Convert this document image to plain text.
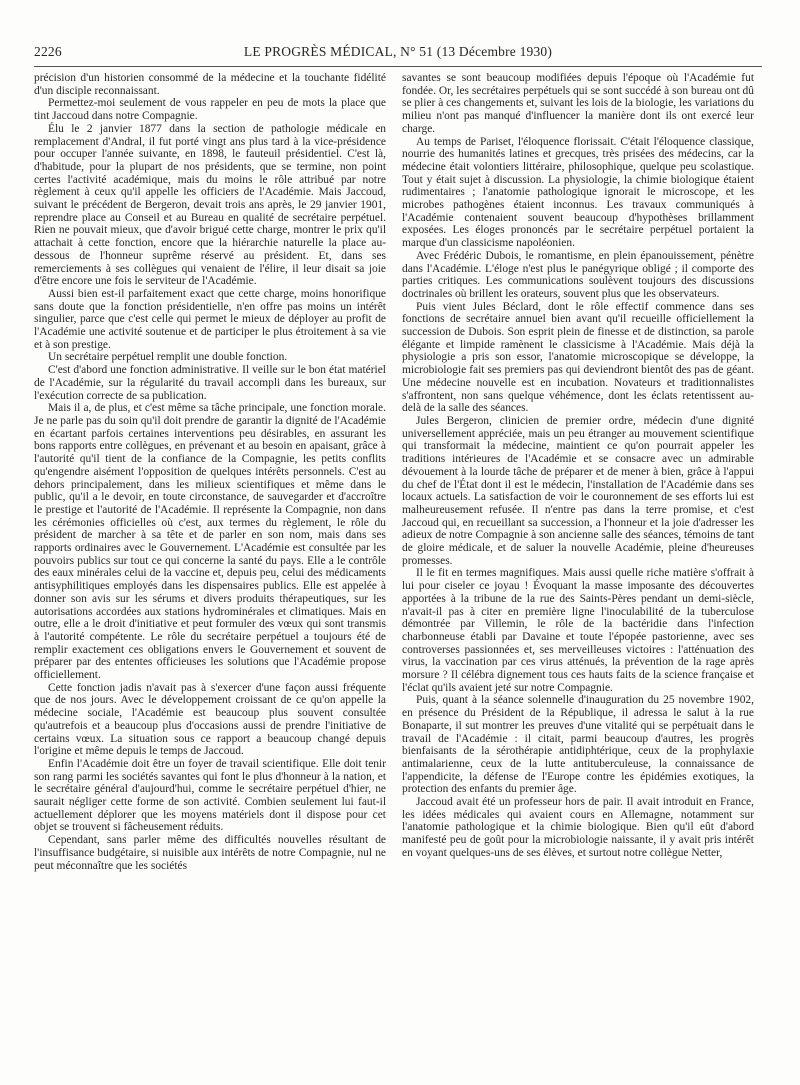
2226	LE PROGRÈS MÉDICAL, N° 51 (13 Décembre 1930)

précision d'un historien consommé de la médecine et la touchante fidélité d'un disciple reconnaissant.

Permettez-moi seulement de vous rappeler en peu de mots la place que tint Jaccoud dans notre Compagnie.

Élu le 2 janvier 1877 dans la section de pathologie médicale en remplacement d'Andral, il fut porté vingt ans plus tard à la vice-présidence pour occuper l'année suivante, en 1898, le fauteuil présidentiel. C'est là, d'habitude, pour la plupart de nos présidents, que se termine, non point certes l'activité académique, mais du moins le rôle attribué par notre règlement à ceux qu'il appelle les officiers de l'Académie. Mais Jaccoud, suivant le précédent de Bergeron, devait trois ans après, le 29 janvier 1901, reprendre place au Conseil et au Bureau en qualité de secrétaire perpétuel. Rien ne pouvait mieux, que d'avoir brigué cette charge, montrer le prix qu'il attachait à cette fonction, encore que la hiérarchie naturelle la place au-dessous de l'honneur suprême réservé au président. Et, dans ses remerciements à ses collègues qui venaient de l'élire, il leur disait sa joie d'être encore une fois le serviteur de l'Académie.

Aussi bien est-il parfaitement exact que cette charge, moins honorifique sans doute que la fonction présidentielle, n'en offre pas moins un intérêt singulier, parce que c'est celle qui permet le mieux de déployer au profit de l'Académie une activité soutenue et de participer le plus étroitement à sa vie et à son prestige.

Un secrétaire perpétuel remplit une double fonction.

C'est d'abord une fonction administrative. Il veille sur le bon état matériel de l'Académie, sur la régularité du travail accompli dans les bureaux, sur l'exécution correcte de sa publication.

Mais il a, de plus, et c'est même sa tâche principale, une fonction morale. Je ne parle pas du soin qu'il doit prendre de garantir la dignité de l'Académie en écartant parfois certaines interventions peu désirables, en assurant les bons rapports entre collègues, en prévenant et au besoin en apaisant, grâce à l'autorité qu'il tient de la confiance de la Compagnie, les petits conflits qu'engendre aisément l'opposition de quelques intérêts personnels. C'est au dehors principalement, dans les milieux scientifiques et même dans le public, qu'il a le devoir, en toute circonstance, de sauvegarder et d'accroître le prestige et l'autorité de l'Académie. Il représente la Compagnie, non dans les cérémonies officielles où c'est, aux termes du règlement, le rôle du président de marcher à sa tête et de parler en son nom, mais dans ses rapports ordinaires avec le Gouvernement. L'Académie est consultée par les pouvoirs publics sur tout ce qui concerne la santé du pays. Elle a le contrôle des eaux minérales celui de la vaccine et, depuis peu, celui des médicaments antisyphilitiques employés dans les dispensaires publics. Elle est appelée à donner son avis sur les sérums et divers produits thérapeutiques, sur les autorisations accordées aux stations hydrominérales et climatiques. Mais en outre, elle a le droit d'initiative et peut formuler des vœux qui sont transmis à l'autorité compétente. Le rôle du secrétaire perpétuel a toujours été de remplir exactement ces obligations envers le Gouvernement et souvent de préparer par des ententes officieuses les solutions que l'Académie propose officiellement.

Cette fonction jadis n'avait pas à s'exercer d'une façon aussi fréquente que de nos jours. Avec le développement croissant de ce qu'on appelle la médecine sociale, l'Académie est beaucoup plus souvent consultée qu'autrefois et a beaucoup plus d'occasions aussi de prendre l'initiative de certains vœux. La situation sous ce rapport a beaucoup changé depuis l'origine et même depuis le temps de Jaccoud.

Enfin l'Académie doit être un foyer de travail scientifique. Elle doit tenir son rang parmi les sociétés savantes qui font le plus d'honneur à la nation, et le secrétaire général d'aujourd'hui, comme le secrétaire perpétuel d'hier, ne saurait négliger cette forme de son activité. Combien seulement lui faut-il actuellement déplorer que les moyens matériels dont il dispose pour cet objet se trouvent si fâcheusement réduits.

Cependant, sans parler même des difficultés nouvelles résultant de l'insuffisance budgétaire, si nuisible aux intérêts de notre Compagnie, nul ne peut méconnaître que les sociétés

savantes se sont beaucoup modifiées depuis l'époque où l'Académie fut fondée. Or, les secrétaires perpétuels qui se sont succédé à son bureau ont dû se plier à ces changements et, suivant les lois de la biologie, les variations du milieu n'ont pas manqué d'influencer la manière dont ils ont exercé leur charge.

Au temps de Pariset, l'éloquence florissait. C'était l'éloquence classique, nourrie des humanités latines et grecques, très prisées des médecins, car la médecine était volontiers littéraire, philosophique, quelque peu scolastique. Tout y était sujet à discussion. La physiologie, la chimie biologique étaient rudimentaires ; l'anatomie pathologique ignorait le microscope, et les microbes pathogènes étaient inconnus. Les travaux communiqués à l'Académie contenaient souvent beaucoup d'hypothèses brillamment exposées. Les éloges prononcés par le secrétaire perpétuel portaient la marque d'un classicisme napoléonien.

Avec Frédéric Dubois, le romantisme, en plein épanouissement, pénètre dans l'Académie. L'éloge n'est plus le panégyrique obligé ; il comporte des parties critiques. Les communications soulèvent toujours des discussions doctrinales où brillent les orateurs, souvent plus que les observateurs.

Puis vient Jules Béclard, dont le rôle effectif commence dans ses fonctions de secrétaire annuel bien avant qu'il recueille officiellement la succession de Dubois. Son esprit plein de finesse et de distinction, sa parole élégante et limpide ramènent le classicisme à l'Académie. Mais déjà la physiologie a pris son essor, l'anatomie microscopique se développe, la microbiologie fait ses premiers pas qui deviendront bientôt des pas de géant. Une médecine nouvelle est en incubation. Novateurs et traditionnalistes s'affrontent, non sans quelque véhémence, dont les éclats retentissent au-delà de la salle des séances.

Jules Bergeron, clinicien de premier ordre, médecin d'une dignité universellement appréciée, mais un peu étranger au mouvement scientifique qui transformait la médecine, maintient ce qu'on pourrait appeler les traditions intérieures de l'Académie et se consacre avec un admirable dévouement à la lourde tâche de préparer et de mener à bien, grâce à l'appui du chef de l'État dont il est le médecin, l'installation de l'Académie dans ses locaux actuels. La satisfaction de voir le couronnement de ses efforts lui est malheureusement refusée. Il n'entre pas dans la terre promise, et c'est Jaccoud qui, en recueillant sa succession, a l'honneur et la joie d'adresser les adieux de notre Compagnie à son ancienne salle des séances, témoins de tant de gloire médicale, et de saluer la nouvelle Académie, pleine d'heureuses promesses.

Il le fit en termes magnifiques. Mais aussi quelle riche matière s'offrait à lui pour ciseler ce joyau ! Évoquant la masse imposante des découvertes apportées à la tribune de la rue des Saints-Pères pendant un demi-siècle, n'avait-il pas à citer en première ligne l'inoculabilité de la tuberculose démontrée par Villemin, le rôle de la bactéridie dans l'infection charbonneuse établi par Davaine et toute l'épopée pastorienne, avec ses controverses passionnées et, ses merveilleuses victoires : l'atténuation des virus, la vaccination par ces virus atténués, la prévention de la rage après morsure ? Il célébra dignement tous ces hauts faits de la science française et l'éclat qu'ils avaient jeté sur notre Compagnie.

Puis, quant à la séance solennelle d'inauguration du 25 novembre 1902, en présence du Président de la République, il adressa le salut à la rue Bonaparte, il sut montrer les preuves d'une vitalité qui se perpétuait dans le travail de l'Académie : il citait, parmi beaucoup d'autres, les progrès bienfaisants de la sérothérapie antidiphtérique, ceux de la prophylaxie antimalarienne, ceux de la lutte antituberculeuse, la connaissance de l'appendicite, la défense de l'Europe contre les épidémies exotiques, la protection des enfants du premier âge.

Jaccoud avait été un professeur hors de pair. Il avait introduit en France, les idées médicales qui avaient cours en Allemagne, notamment sur l'anatomie pathologique et la chimie biologique. Bien qu'il eût d'abord manifesté peu de goût pour la microbiologie naissante, il y avait pris intérêt en voyant quelques-uns de ses élèves, et surtout notre collègue Netter,
